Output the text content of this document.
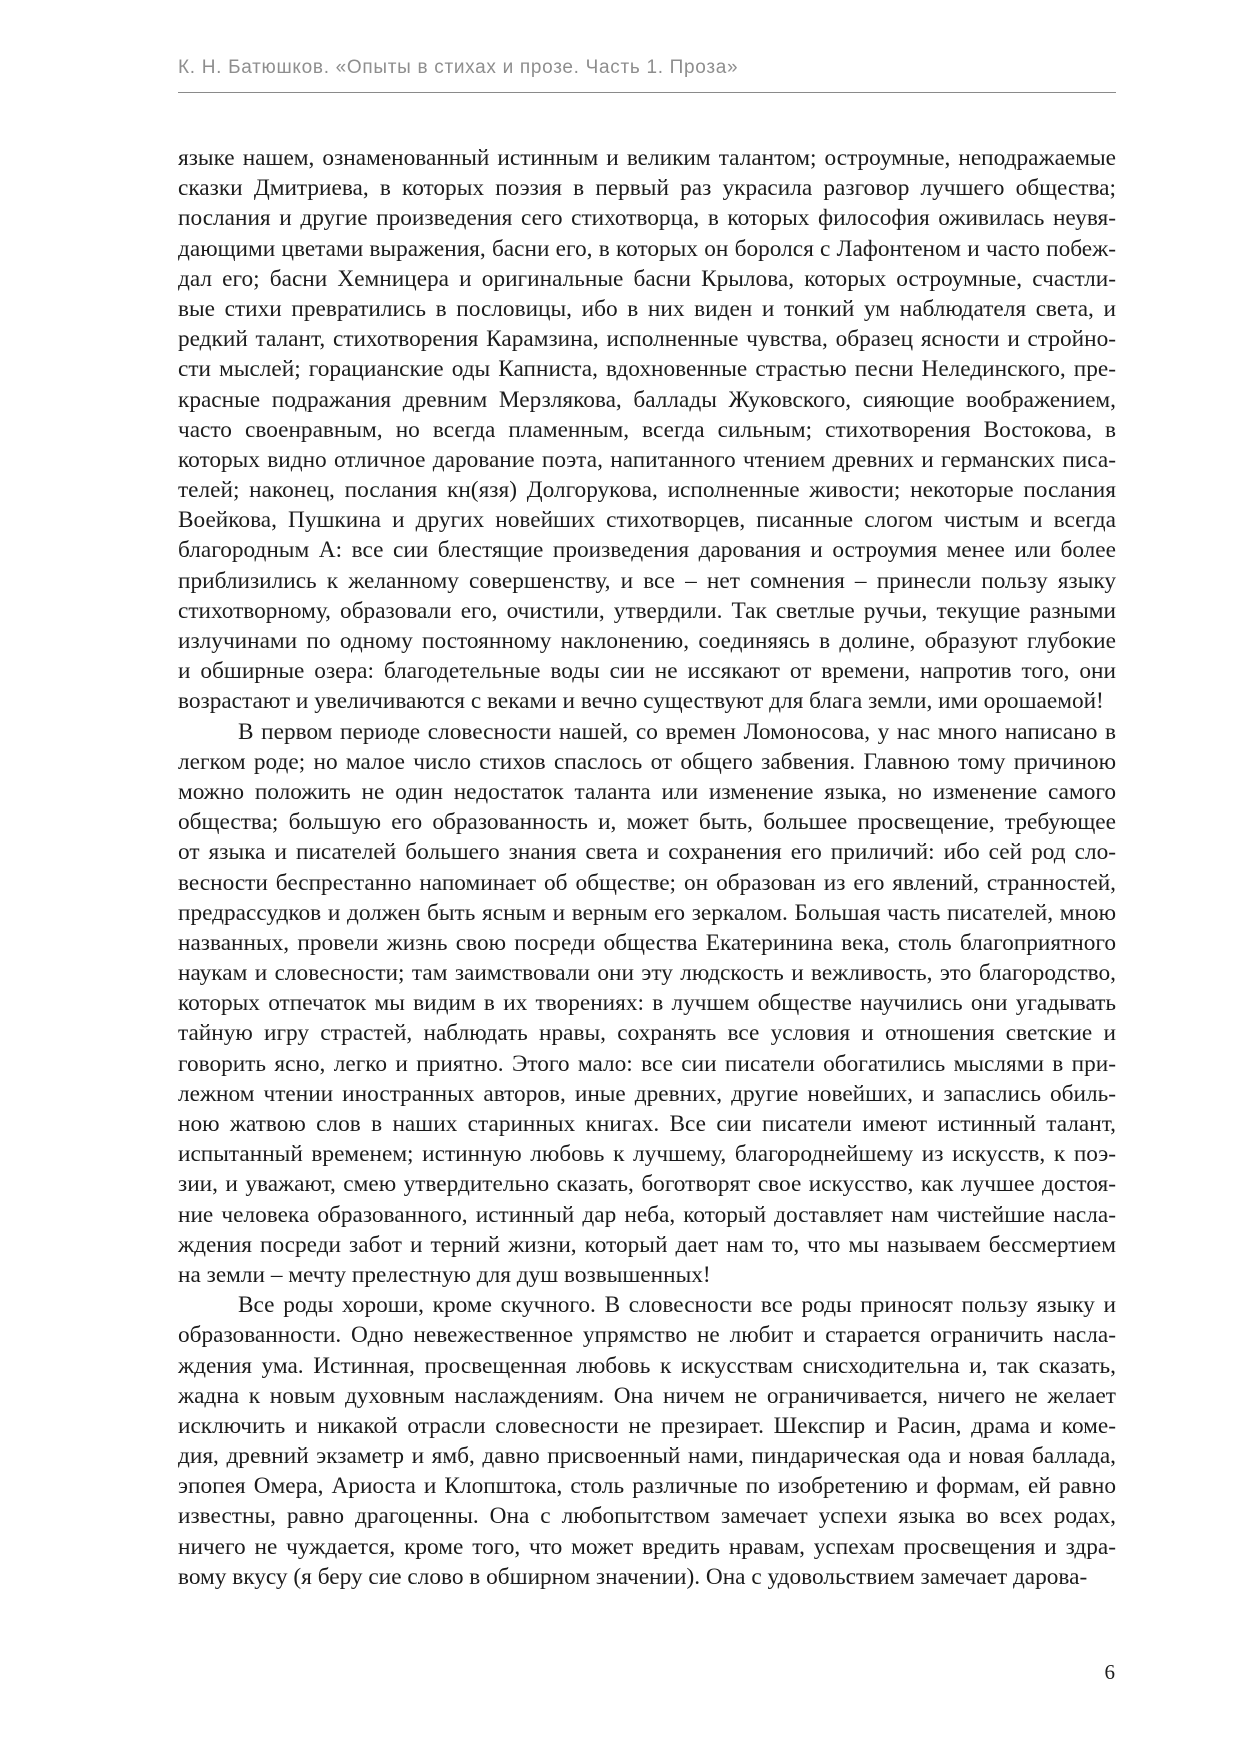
К. Н. Батюшков. «Опыты в стихах и прозе. Часть 1. Проза»
языке нашем, ознаменованный истинным и великим талантом; остроумные, неподражаемые
сказки Дмитриева, в которых поэзия в первый раз украсила разговор лучшего общества;
послания и другие произведения сего стихотворца, в которых философия оживилась неувя-
дающими цветами выражения, басни его, в которых он боролся с Лафонтеном и часто побеж-
дал его; басни Хемницера и оригинальные басни Крылова, которых остроумные, счастли-
вые стихи превратились в пословицы, ибо в них виден и тонкий ум наблюдателя света, и
редкий талант, стихотворения Карамзина, исполненные чувства, образец ясности и стройно-
сти мыслей; горацианские оды Капниста, вдохновенные страстью песни Нелединского, пре-
красные подражания древним Мерзлякова, баллады Жуковского, сияющие воображением,
часто своенравным, но всегда пламенным, всегда сильным; стихотворения Востокова, в
которых видно отличное дарование поэта, напитанного чтением древних и германских писа-
телей; наконец, послания кн(язя) Долгорукова, исполненные живости; некоторые послания
Воейкова, Пушкина и других новейших стихотворцев, писанные слогом чистым и всегда
благородным А: все сии блестящие произведения дарования и остроумия менее или более
приблизились к желанному совершенству, и все – нет сомнения – принесли пользу языку
стихотворному, образовали его, очистили, утвердили. Так светлые ручьи, текущие разными
излучинами по одному постоянному наклонению, соединяясь в долине, образуют глубокие
и обширные озера: благодетельные воды сии не иссякают от времени, напротив того, они
возрастают и увеличиваются с веками и вечно существуют для блага земли, ими орошаемой!
В первом периоде словесности нашей, со времен Ломоносова, у нас много написано в
легком роде; но малое число стихов спаслось от общего забвения. Главною тому причиною
можно положить не один недостаток таланта или изменение языка, но изменение самого
общества; большую его образованность и, может быть, большее просвещение, требующее
от языка и писателей большего знания света и сохранения его приличий: ибо сей род сло-
весности беспрестанно напоминает об обществе; он образован из его явлений, странностей,
предрассудков и должен быть ясным и верным его зеркалом. Большая часть писателей, мною
названных, провели жизнь свою посреди общества Екатеринина века, столь благоприятного
наукам и словесности; там заимствовали они эту людскость и вежливость, это благородство,
которых отпечаток мы видим в их творениях: в лучшем обществе научились они угадывать
тайную игру страстей, наблюдать нравы, сохранять все условия и отношения светские и
говорить ясно, легко и приятно. Этого мало: все сии писатели обогатились мыслями в при-
лежном чтении иностранных авторов, иные древних, другие новейших, и запаслись обиль-
ною жатвою слов в наших старинных книгах. Все сии писатели имеют истинный талант,
испытанный временем; истинную любовь к лучшему, благороднейшему из искусств, к поэ-
зии, и уважают, смею утвердительно сказать, боготворят свое искусство, как лучшее достоя-
ние человека образованного, истинный дар неба, который доставляет нам чистейшие насла-
ждения посреди забот и терний жизни, который дает нам то, что мы называем бессмертием
на земли – мечту прелестную для душ возвышенных!
Все роды хороши, кроме скучного. В словесности все роды приносят пользу языку и
образованности. Одно невежественное упрямство не любит и старается ограничить насла-
ждения ума. Истинная, просвещенная любовь к искусствам снисходительна и, так сказать,
жадна к новым духовным наслаждениям. Она ничем не ограничивается, ничего не желает
исключить и никакой отрасли словесности не презирает. Шекспир и Расин, драма и коме-
дия, древний экзаметр и ямб, давно присвоенный нами, пиндарическая ода и новая баллада,
эпопея Омера, Ариоста и Клопштока, столь различные по изобретению и формам, ей равно
известны, равно драгоценны. Она с любопытством замечает успехи языка во всех родах,
ничего не чуждается, кроме того, что может вредить нравам, успехам просвещения и здра-
вому вкусу (я беру сие слово в обширном значении). Она с удовольствием замечает дарова-
6
